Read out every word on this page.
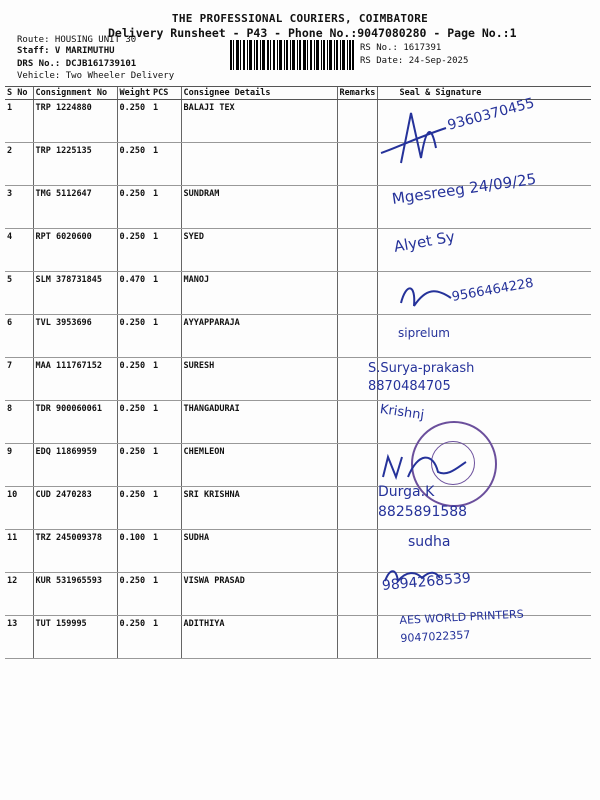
THE PROFESSIONAL COURIERS, COIMBATORE
Delivery Runsheet - P43 - Phone No.:9047080280 - Page No.:1
Route: HOUSING UNIT 30
Staff: V MARIMUTHU
DRS No.: DCJB161739101
Vehicle: Two Wheeler Delivery
RS No.: 1617391
RS Date: 24-Sep-2025
S No	Consignment No	Weight	PCS	Consignee Details	Remarks	Seal & Signature
1	TRP 1224880	0.250	1	BALAJI TEX		
2	TRP 1225135	0.250	1			
3	TMG 5112647	0.250	1	SUNDRAM		
4	RPT 6020600	0.250	1	SYED		
5	SLM 378731845	0.470	1	MANOJ		
6	TVL 3953696	0.250	1	AYYAPPARAJA		
7	MAA 111767152	0.250	1	SURESH		
8	TDR 900060061	0.250	1	THANGADURAI		
9	EDQ 11869959	0.250	1	CHEMLEON		
10	CUD 2470283	0.250	1	SRI KRISHNA		
11	TRZ 245009378	0.100	1	SUDHA		
12	KUR 531965593	0.250	1	VISWA PRASAD		
13	TUT 159995	0.250	1	ADITHIYA		
9360370455
Mgesreeg 24/09/25
Alyet Sy
9566464228
siprelum
S.Surya-prakash 8870484705
Krishnj
Durga.K 8825891588
sudha
9894268539
AES WORLD PRINTERS 9047022357
